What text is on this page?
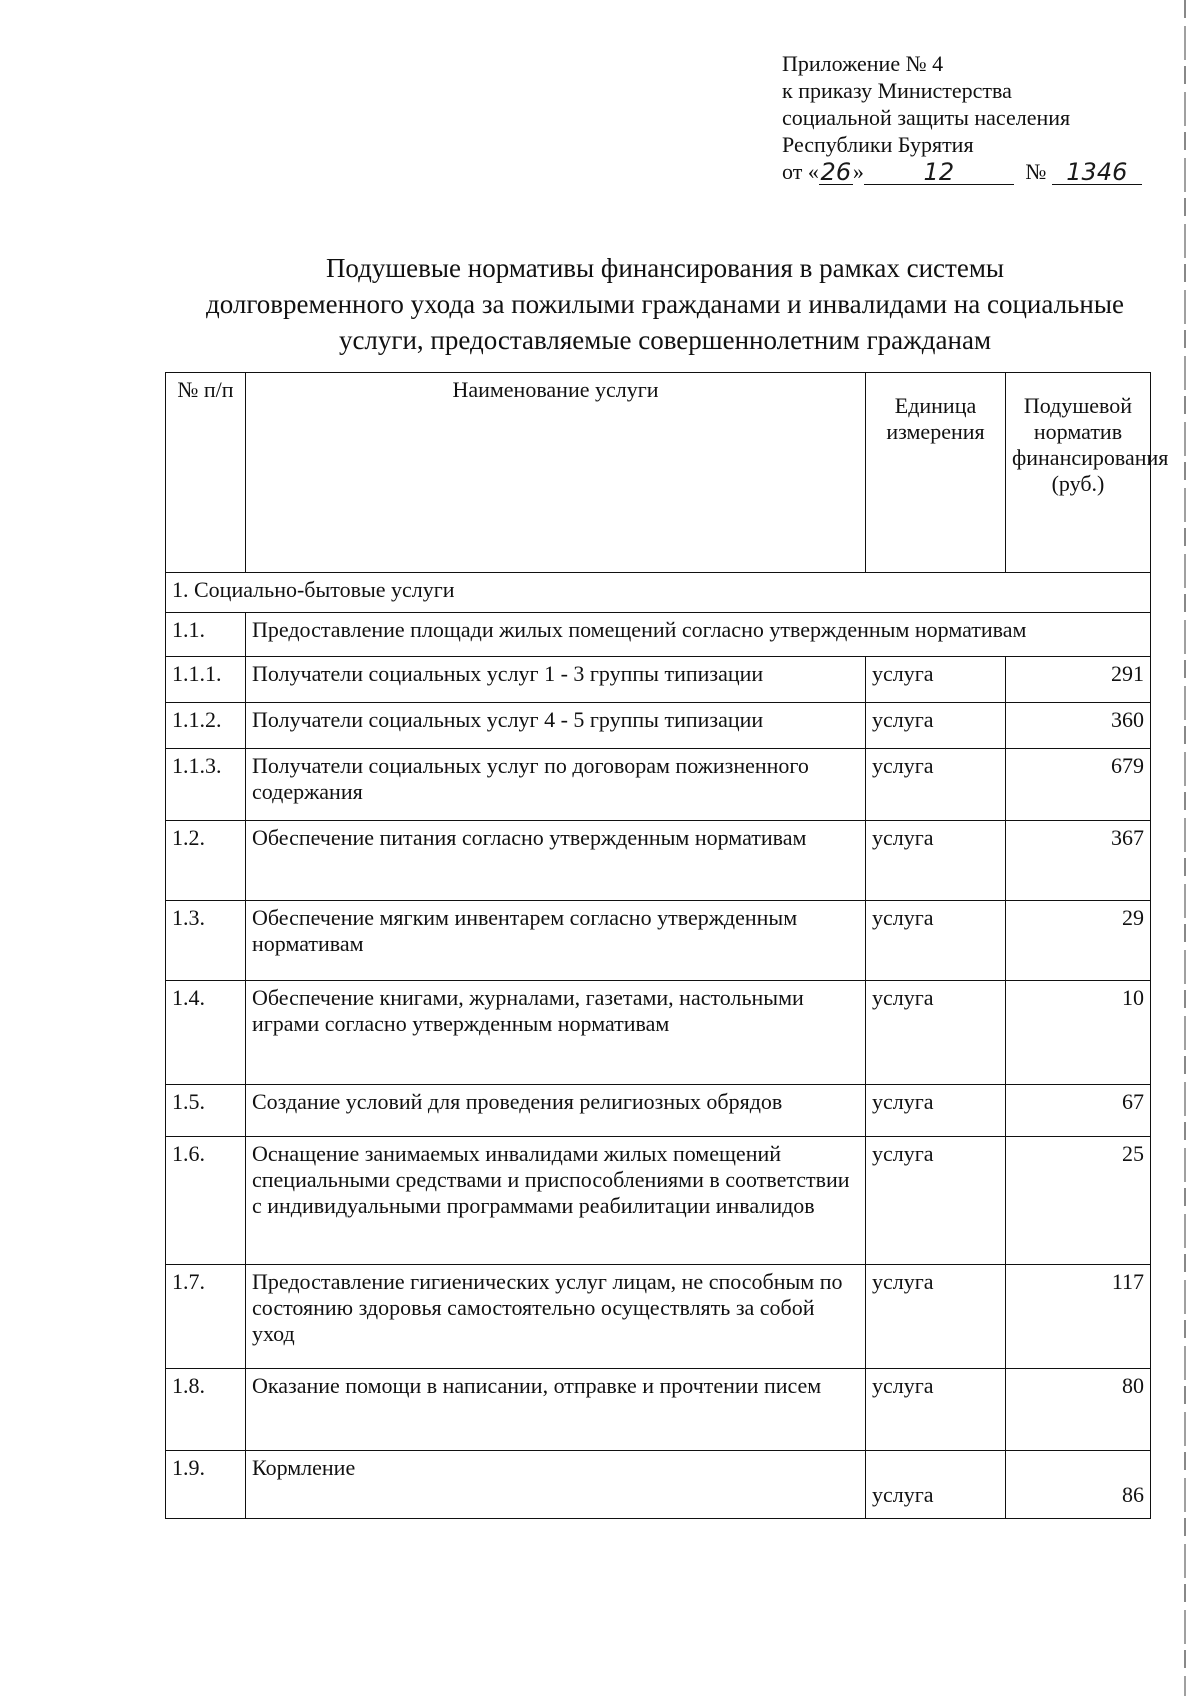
Приложение № 4
к приказу Министерства
социальной защиты населения
Республики Бурятия
от «26» 12	№ 1346
Подушевые нормативы финансирования в рамках системы
долговременного ухода за пожилыми гражданами и инвалидами на социальные
услуги, предоставляемые совершеннолетним гражданам
№ п/п	Наименование услуги	Единица измерения	Подушевой норматив финансирования (руб.)
1. Социально-бытовые услуги			
1.1.	Предоставление площади жилых помещений согласно утвержденным нормативам		
1.1.1.	Получатели социальных услуг 1 - 3 группы типизации	услуга	291
1.1.2.	Получатели социальных услуг 4 - 5 группы типизации	услуга	360
1.1.3.	Получатели социальных услуг по договорам пожизненного содержания	услуга	679
1.2.	Обеспечение питания согласно утвержденным нормативам	услуга	367
1.3.	Обеспечение мягким инвентарем согласно утвержденным нормативам	услуга	29
1.4.	Обеспечение книгами, журналами, газетами, настольными играми согласно утвержденным нормативам	услуга	10
1.5.	Создание условий для проведения религиозных обрядов	услуга	67
1.6.	Оснащение занимаемых инвалидами жилых помещений специальными средствами и приспособлениями в соответствии с индивидуальными программами реабилитации инвалидов	услуга	25
1.7.	Предоставление гигиенических услуг лицам, не способным по состоянию здоровья самостоятельно осуществлять за собой уход	услуга	117
1.8.	Оказание помощи в написании, отправке и прочтении писем	услуга	80
1.9.	Кормление	услуга	86
